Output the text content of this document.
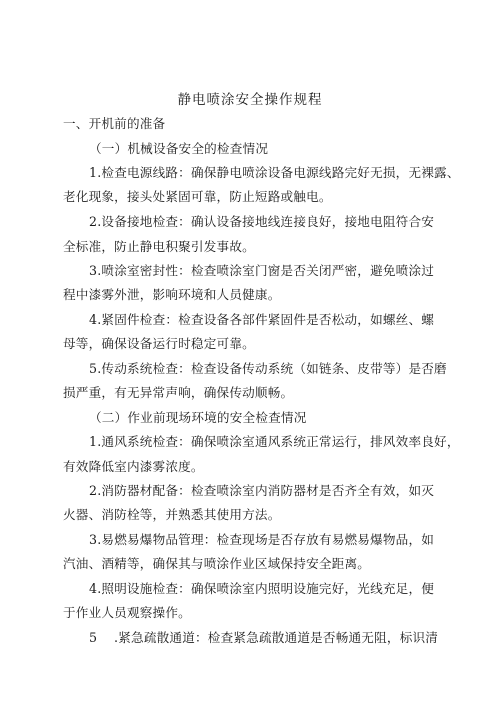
静电喷涂安全操作规程
一、开机前的准备
（一）机械设备安全的检查情况
1.检查电源线路：确保静电喷涂设备电源线路完好无损，无裸露、
老化现象，接头处紧固可靠，防止短路或触电。
2.设备接地检查：确认设备接地线连接良好，接地电阻符合安
全标准，防止静电积聚引发事故。
3.喷涂室密封性：检查喷涂室门窗是否关闭严密，避免喷涂过
程中漆雾外泄，影响环境和人员健康。
4.紧固件检查：检查设备各部件紧固件是否松动，如螺丝、螺
母等，确保设备运行时稳定可靠。
5.传动系统检查：检查设备传动系统（如链条、皮带等）是否磨
损严重，有无异常声响，确保传动顺畅。
（二）作业前现场环境的安全检查情况
1.通风系统检查：确保喷涂室通风系统正常运行，排风效率良好，
有效降低室内漆雾浓度。
2.消防器材配备：检查喷涂室内消防器材是否齐全有效，如灭
火器、消防栓等，并熟悉其使用方法。
3.易燃易爆物品管理：检查现场是否存放有易燃易爆物品，如
汽油、酒精等，确保其与喷涂作业区域保持安全距离。
4.照明设施检查：确保喷涂室内照明设施完好，光线充足，便
于作业人员观察操作。
5    .紧急疏散通道：检查紧急疏散通道是否畅通无阻，标识清
